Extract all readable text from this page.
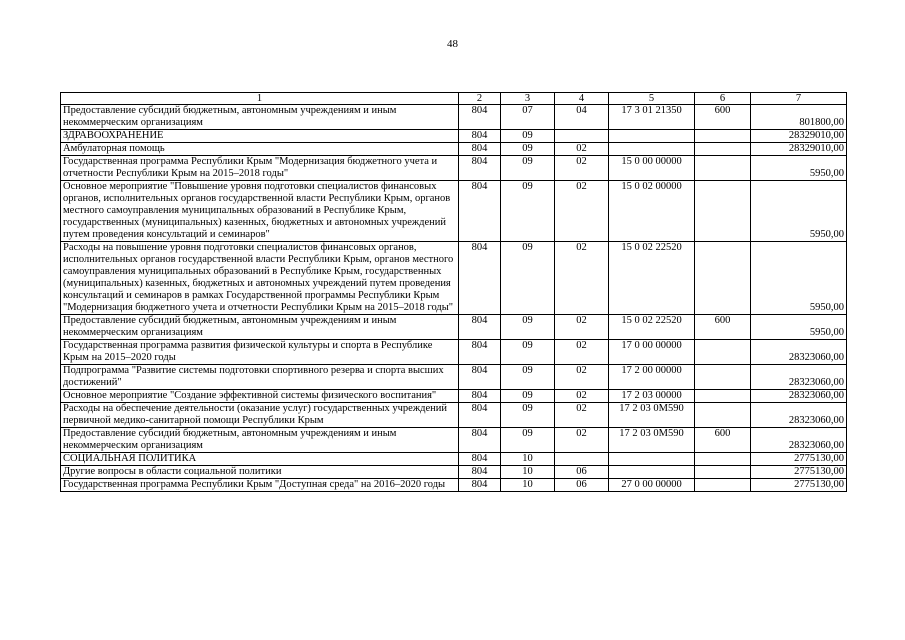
48
1	2	3	4	5	6	7
Предоставление субсидий бюджетным, автономным учреждениям и иным некоммерческим организациям	804	07	04	17 3 01 21350	600	801800,00
ЗДРАВООХРАНЕНИЕ	804	09				28329010,00
Амбулаторная помощь	804	09	02			28329010,00
Государственная программа Республики Крым "Модернизация бюджетного учета и отчетности Республики Крым на 2015–2018 годы"	804	09	02	15 0 00 00000		5950,00
Основное мероприятие "Повышение уровня подготовки специалистов финансовых органов, исполнительных органов государственной власти Республики Крым, органов местного самоуправления муниципальных образований в Республике Крым, государственных (муниципальных) казенных, бюджетных и автономных учреждений путем проведения консультаций и семинаров"	804	09	02	15 0 02 00000		5950,00
Расходы на повышение уровня подготовки специалистов финансовых органов, исполнительных органов государственной власти Республики Крым, органов местного самоуправления муниципальных образований в Республике Крым, государственных (муниципальных) казенных, бюджетных и автономных учреждений путем проведения консультаций и семинаров в рамках Государственной программы Республики Крым "Модернизация бюджетного учета и отчетности Республики Крым на 2015–2018 годы"	804	09	02	15 0 02 22520		5950,00
Предоставление субсидий бюджетным, автономным учреждениям и иным некоммерческим организациям	804	09	02	15 0 02 22520	600	5950,00
Государственная программа развития физической культуры и спорта в Республике Крым на 2015–2020 годы	804	09	02	17 0 00 00000		28323060,00
Подпрограмма "Развитие системы подготовки спортивного резерва и спорта высших достижений"	804	09	02	17 2 00 00000		28323060,00
Основное мероприятие "Создание эффективной системы физического воспитания"	804	09	02	17 2 03 00000		28323060,00
Расходы на обеспечение деятельности (оказание услуг) государственных учреждений первичной медико-санитарной помощи Республики Крым	804	09	02	17 2 03 0М590		28323060,00
Предоставление субсидий бюджетным, автономным учреждениям и иным некоммерческим организациям	804	09	02	17 2 03 0М590	600	28323060,00
СОЦИАЛЬНАЯ ПОЛИТИКА	804	10				2775130,00
Другие вопросы в области социальной политики	804	10	06			2775130,00
Государственная программа Республики Крым "Доступная среда" на 2016–2020 годы	804	10	06	27 0 00 00000		2775130,00
